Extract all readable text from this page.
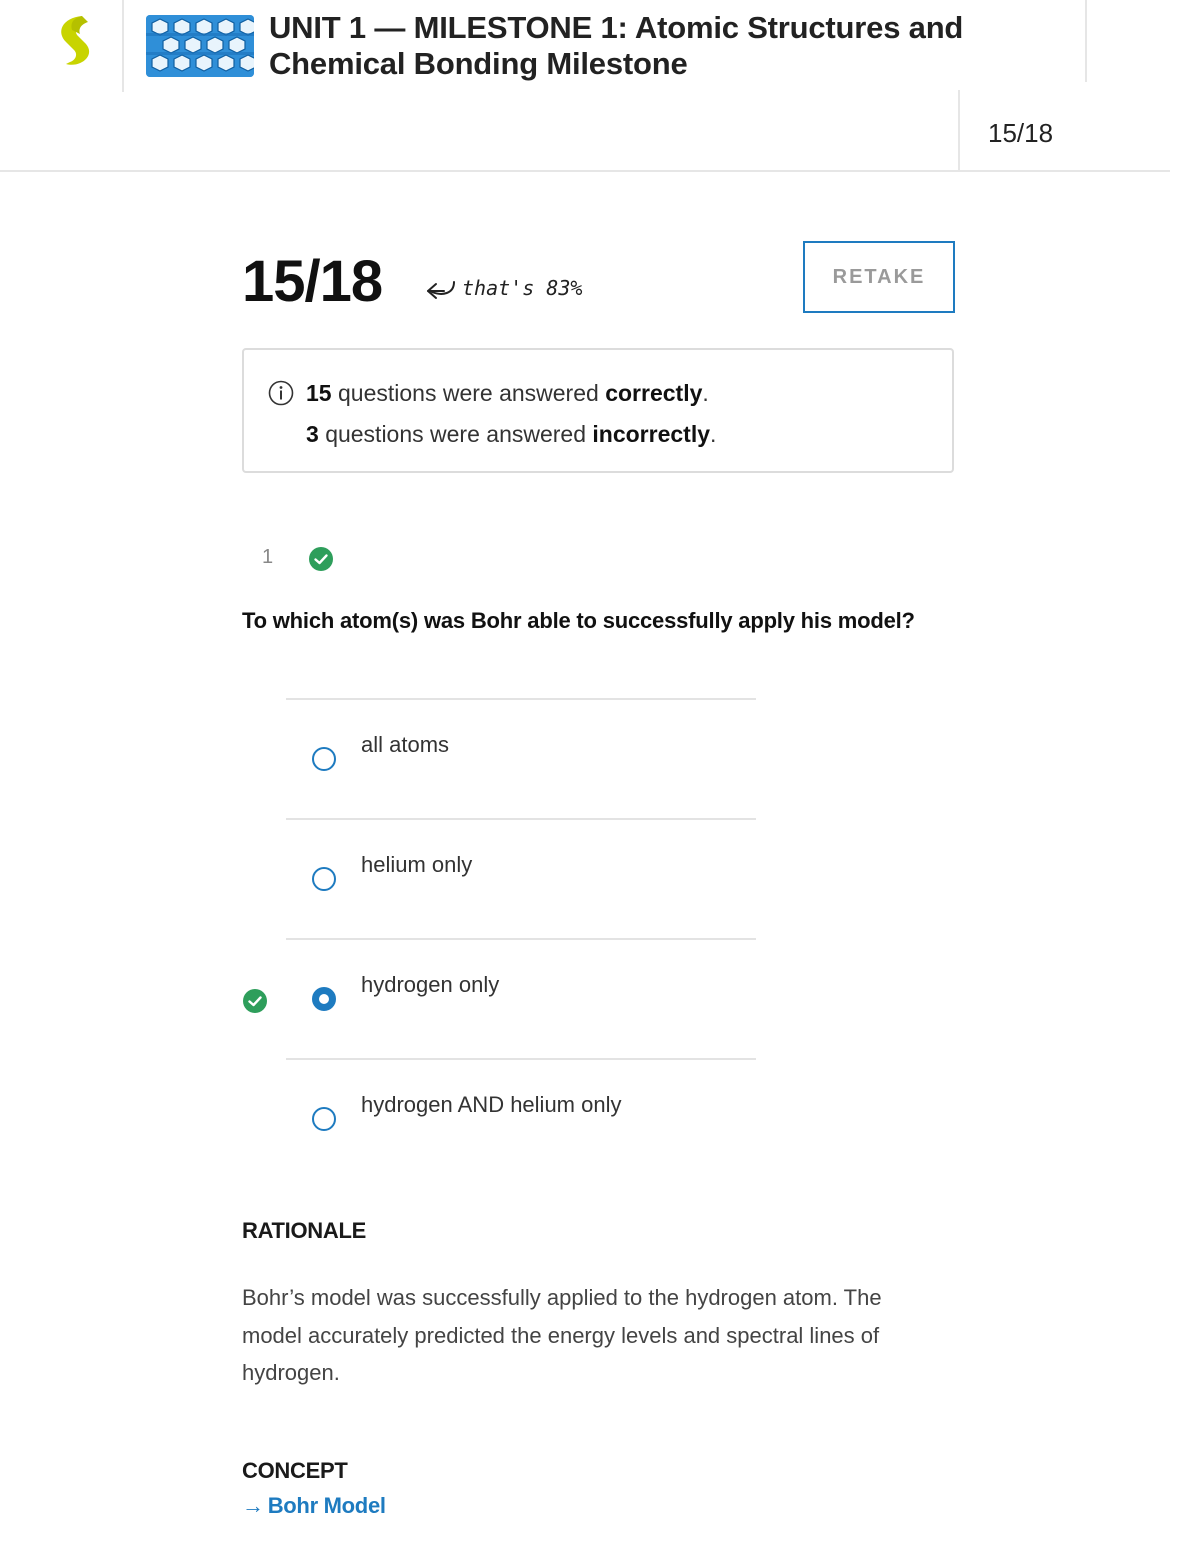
UNIT 1 — MILESTONE 1: Atomic Structures and Chemical Bonding Milestone
15/18
15/18	that's 83%	RETAKE
15 questions were answered correctly.
3 questions were answered incorrectly.
1

To which atom(s) was Bohr able to successfully apply his model?

all atoms
helium only
hydrogen only
hydrogen AND helium only
RATIONALE

Bohr’s model was successfully applied to the hydrogen atom. The model accurately predicted the energy levels and spectral lines of hydrogen.

CONCEPT
→ Bohr Model
